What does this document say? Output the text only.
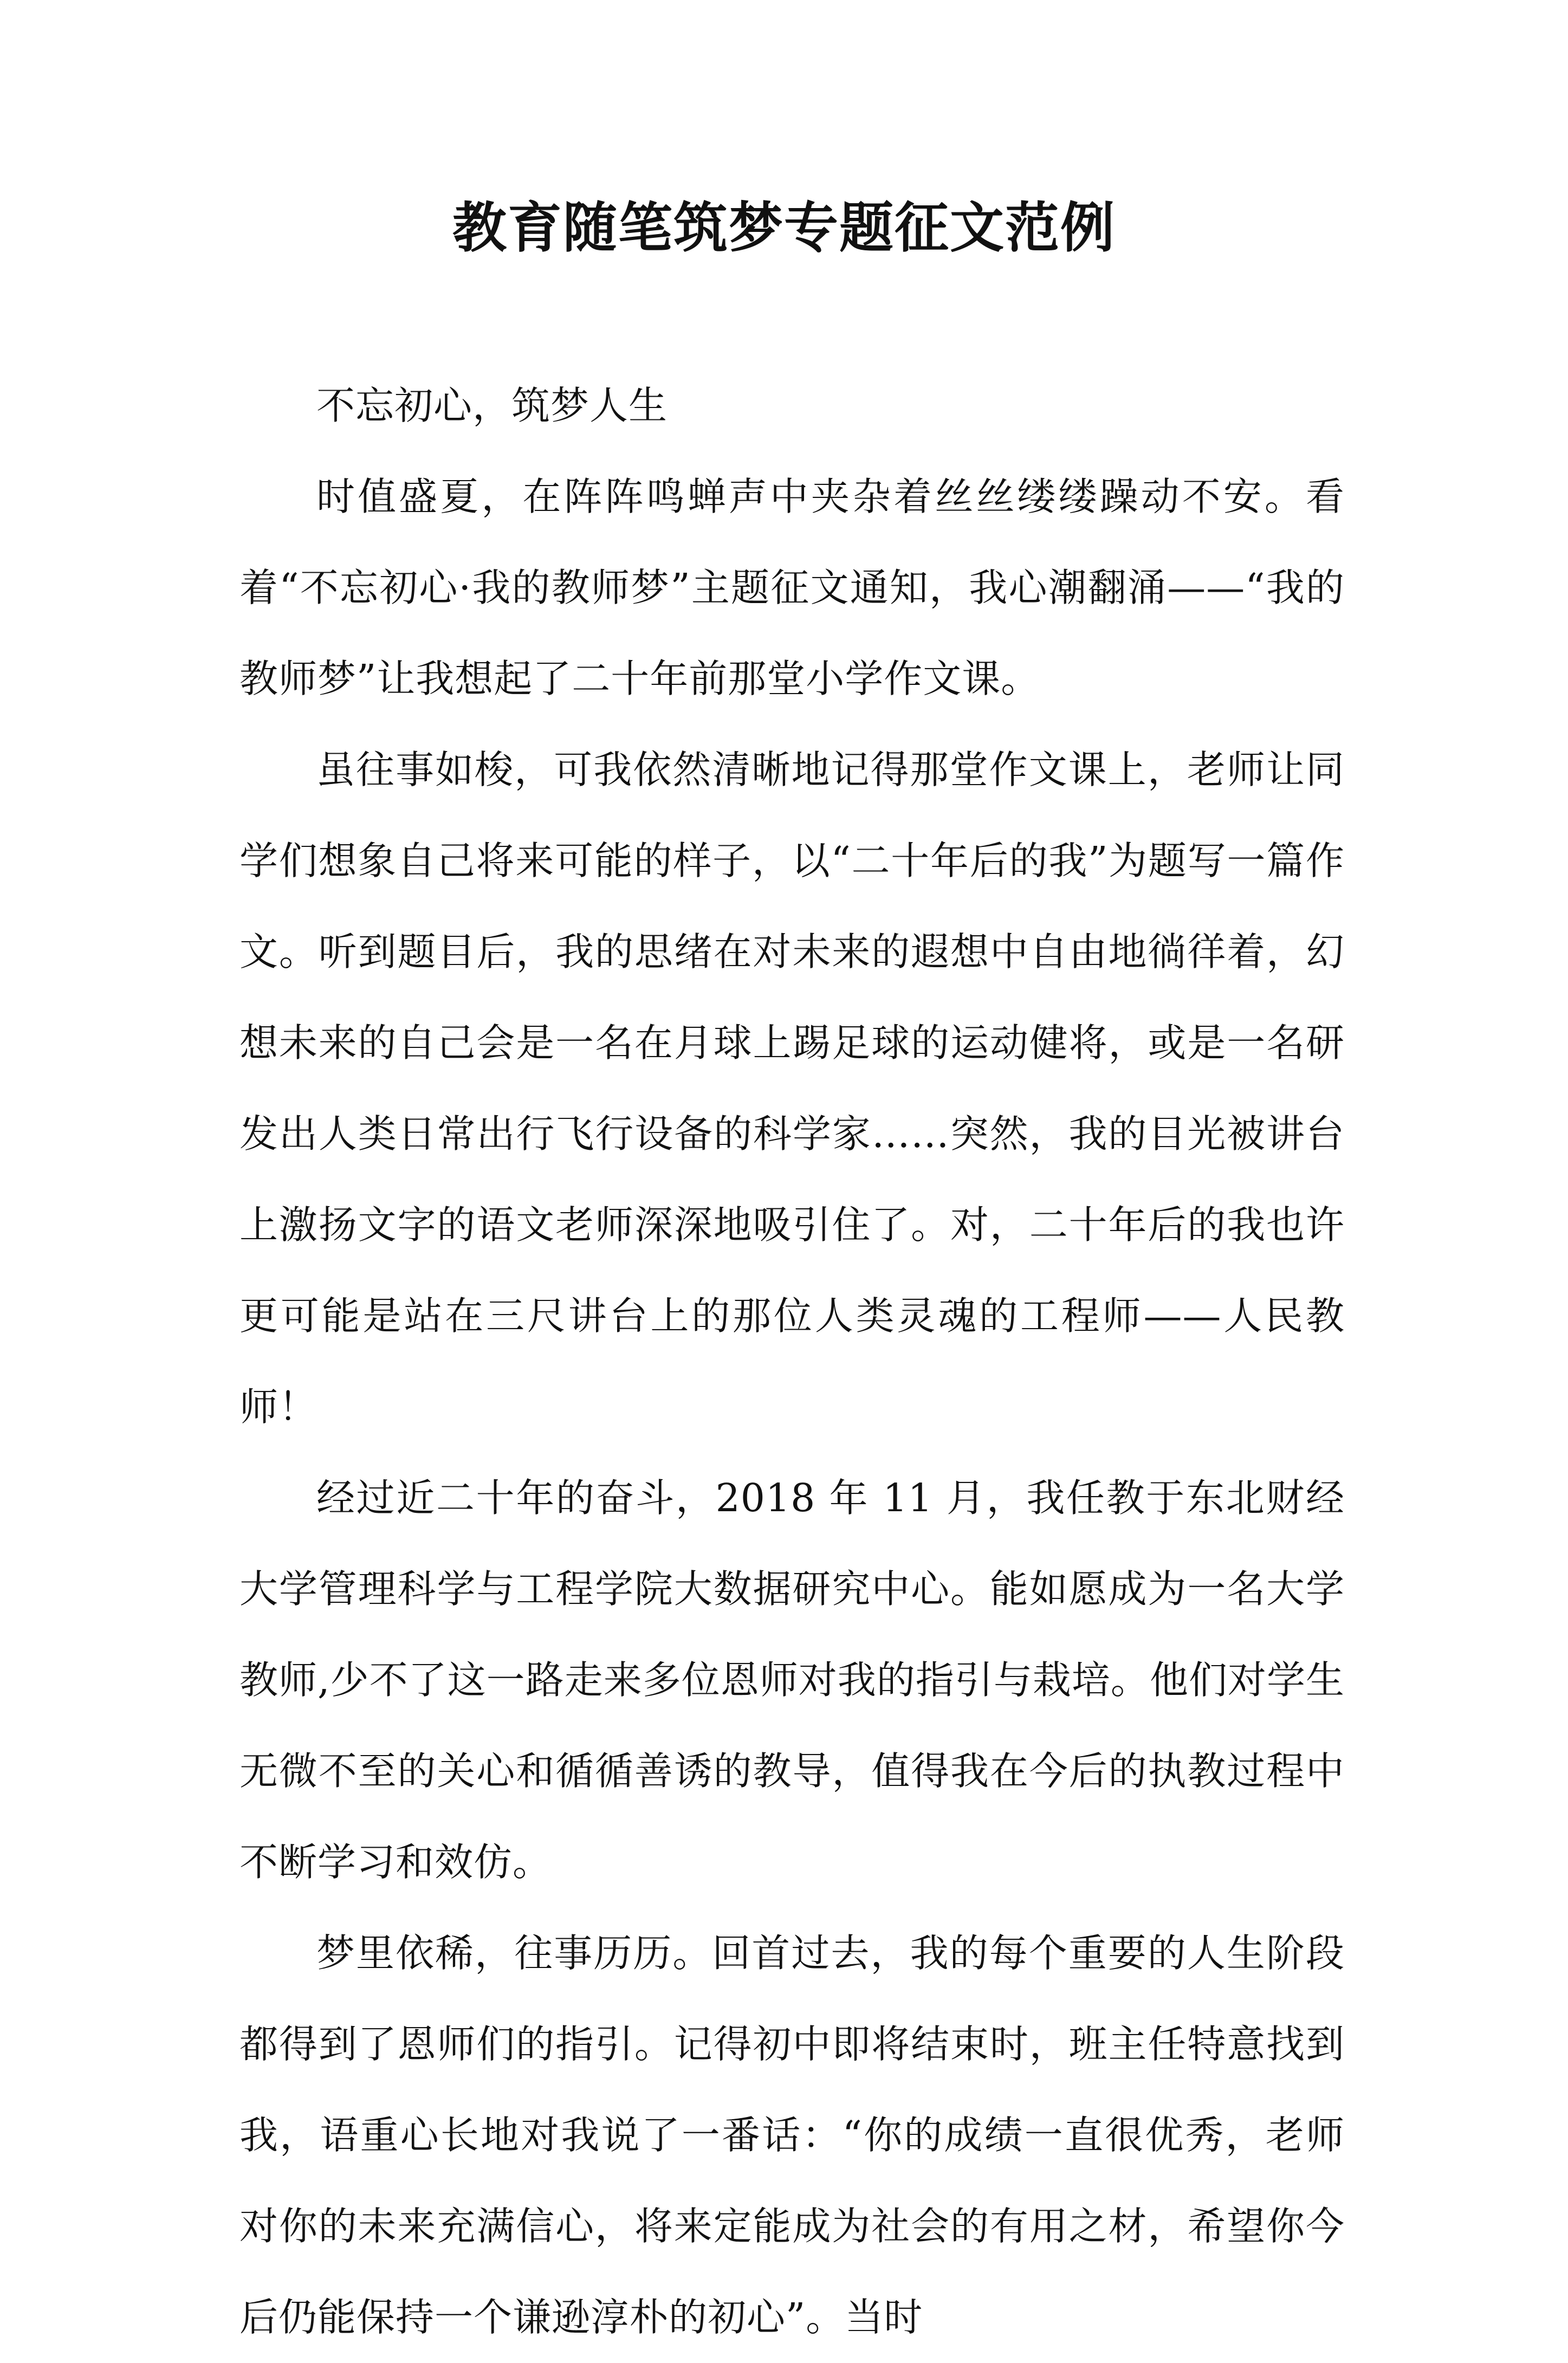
教育随笔筑梦专题征文范例

不忘初心，筑梦人生

时值盛夏，在阵阵鸣蝉声中夹杂着丝丝缕缕躁动不安。看着“不忘初心·我的教师梦”主题征文通知，我心潮翻涌——“我的教师梦”让我想起了二十年前那堂小学作文课。

虽往事如梭，可我依然清晰地记得那堂作文课上，老师让同学们想象自己将来可能的样子，以“二十年后的我”为题写一篇作文。听到题目后，我的思绪在对未来的遐想中自由地徜徉着，幻想未来的自己会是一名在月球上踢足球的运动健将，或是一名研发出人类日常出行飞行设备的科学家……突然，我的目光被讲台上激扬文字的语文老师深深地吸引住了。对，二十年后的我也许更可能是站在三尺讲台上的那位人类灵魂的工程师——人民教师！

经过近二十年的奋斗，2018 年 11 月，我任教于东北财经大学管理科学与工程学院大数据研究中心。能如愿成为一名大学教师,少不了这一路走来多位恩师对我的指引与栽培。他们对学生无微不至的关心和循循善诱的教导，值得我在今后的执教过程中不断学习和效仿。

梦里依稀，往事历历。回首过去，我的每个重要的人生阶段都得到了恩师们的指引。记得初中即将结束时，班主任特意找到我，语重心长地对我说了一番话：“你的成绩一直很优秀，老师对你的未来充满信心，将来定能成为社会的有用之材，希望你今后仍能保持一个谦逊淳朴的初心”。当时
